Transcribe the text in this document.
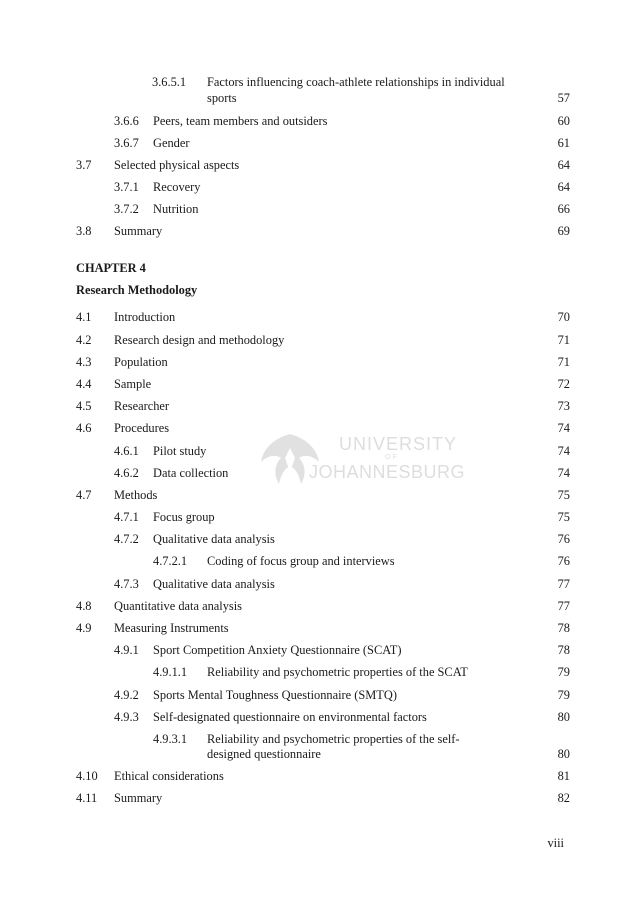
UNIVERSITY
OF
JOHANNESBURG
3.6.5.1 Factors influencing coach-athlete relationships in individual
sports	57
3.6.6 Peers, team members and outsiders	60
3.6.7 Gender	61
3.7 Selected physical aspects	64
3.7.1 Recovery	64
3.7.2 Nutrition	66
3.8 Summary	69
CHAPTER 4
Research Methodology
4.1 Introduction	70
4.2 Research design and methodology	71
4.3 Population	71
4.4 Sample	72
4.5 Researcher	73
4.6 Procedures	74
4.6.1 Pilot study	74
4.6.2 Data collection	74
4.7 Methods	75
4.7.1 Focus group	75
4.7.2 Qualitative data analysis	76
4.7.2.1 Coding of focus group and interviews	76
4.7.3 Qualitative data analysis	77
4.8 Quantitative data analysis	77
4.9 Measuring Instruments	78
4.9.1 Sport Competition Anxiety Questionnaire (SCAT)	78
4.9.1.1 Reliability and psychometric properties of the SCAT	79
4.9.2 Sports Mental Toughness Questionnaire (SMTQ)	79
4.9.3 Self-designated questionnaire on environmental factors	80
4.9.3.1 Reliability and psychometric properties of the self-
designed questionnaire	80
4.10 Ethical considerations	81
4.11 Summary	82
viii
